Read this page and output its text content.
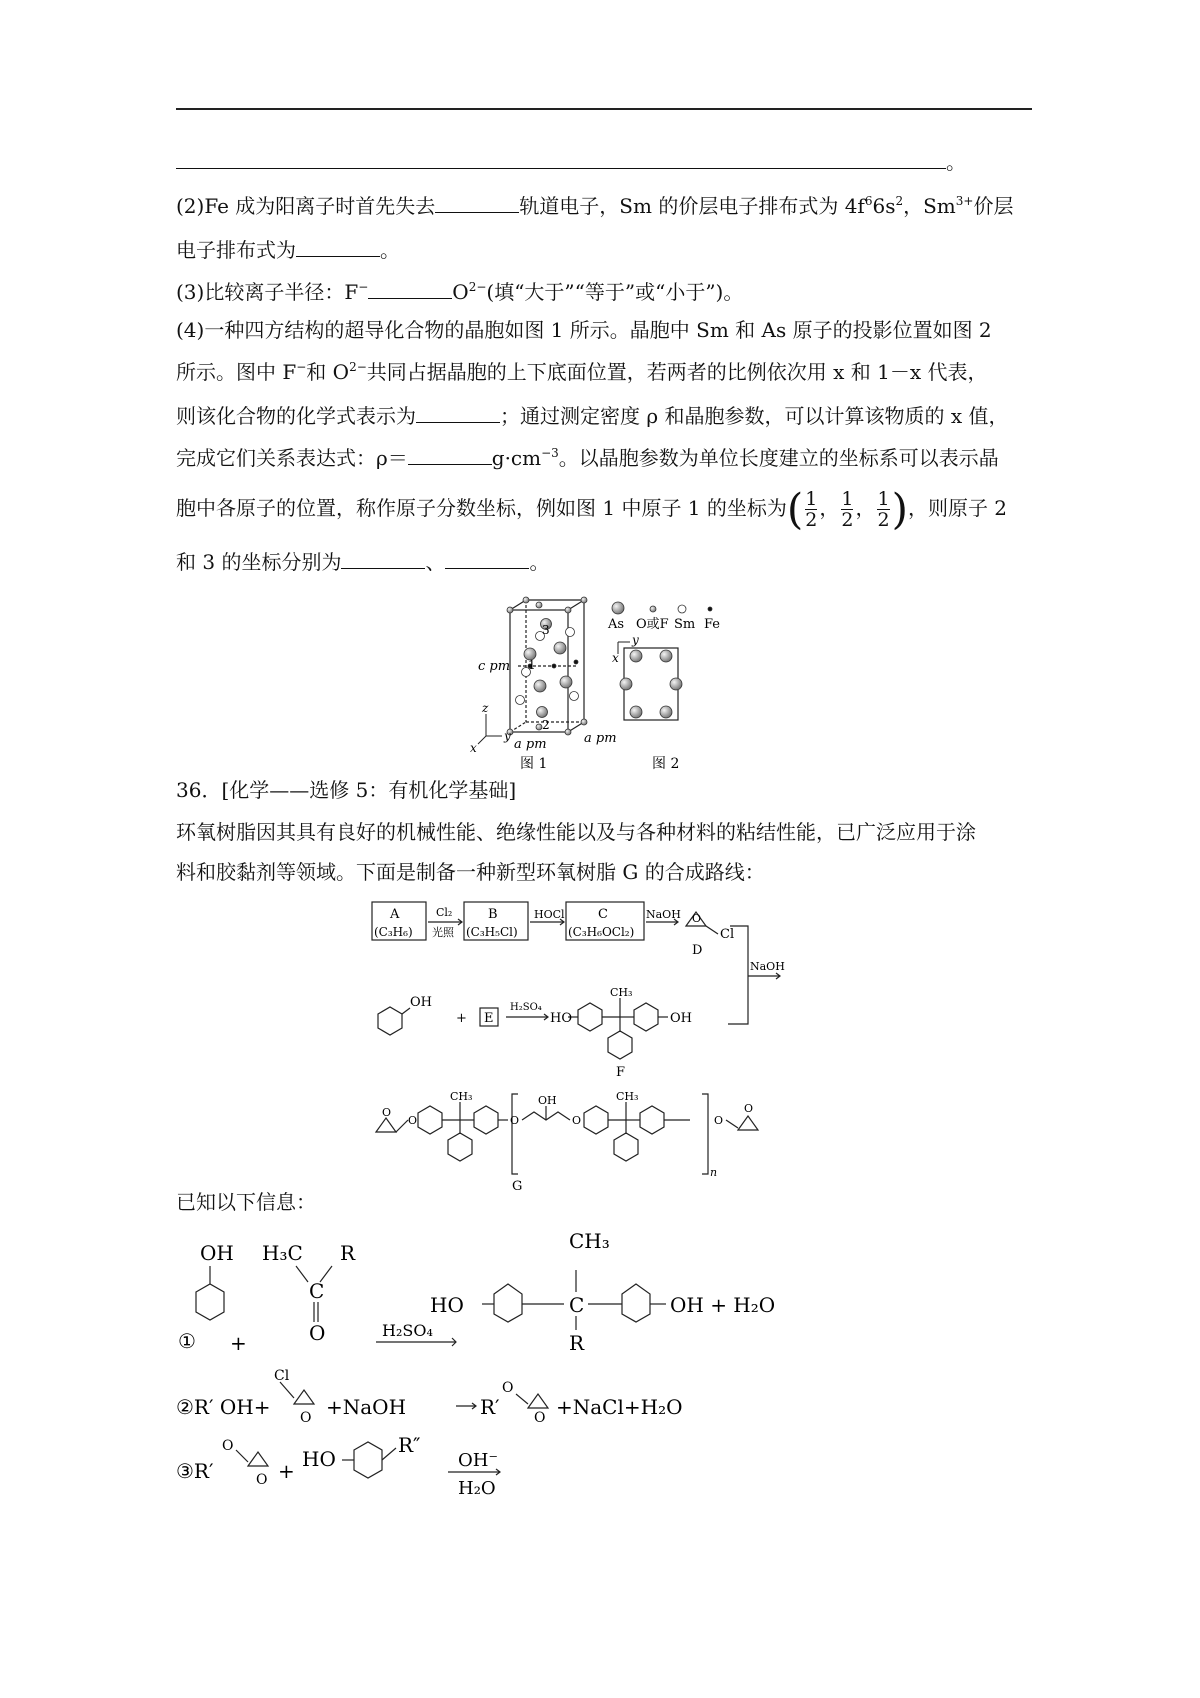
。
(2)Fe 成为阳离子时首先失去	轨道电子，Sm 的价层电子排布式为 $4f^66s^2$，$Sm^{3+}$价层
电子排布式为	。
(3)比较离子半径：F−	$O^{2-}$(填“大于”“等于”或“小于”)。
(4)一种四方结构的超导化合物的晶胞如图 1 所示。晶胞中 Sm 和 As 原子的投影位置如图 2
所示。图中 F−和 $O^{2-}$共同占据晶胞的上下底面位置，若两者的比例依次用 x 和 1－x 代表，
则该化合物的化学式表示为	；通过测定密度 ρ 和晶胞参数，可以计算该物质的 x 值，
完成它们关系表达式：ρ＝	$g\cdot cm^{-3}$。以晶胞参数为单位长度建立的坐标系可以表示晶
胞中各原子的位置，称作原子分数坐标，例如图 1 中原子 1 的坐标为( $\frac{1}{2}$ ， $\frac{1}{2}$ ， $\frac{1}{2}$ )，则原子 2
和 3 的坐标分别为	、	。
1
2
3
c pm
a pm	a pm
z
y
x
图 1
As O或F Sm Fe
y
x
图 2
36．[化学——选修 5：有机化学基础]
环氧树脂因其具有良好的机械性能、绝缘性能以及与各种材料的粘结性能，已广泛应用于涂
料和胶黏剂等领域。下面是制备一种新型环氧树脂 G 的合成路线：
A
(C₃H₆)
Cl₂
光照
B
(C₃H₅Cl)
HOCl	C
(C₃H₆OCl₂)
NaOH
Cl
O
D
NaOH
OH
+ E
H₂SO₄
HO
CH₃
OH
F
O
O
CH₃
O
OH
O
CH₃
O
O
n
G
已知以下信息：
OH H₃C R
C
O
① +
H₂SO₄
HO
CH₃
C	OH + H₂O
R
②R′ OH+
Cl
O +NaOH	R′
O
O +NaCl+H₂O
③R′
O
O + HO
R″
OH⁻
H₂O
